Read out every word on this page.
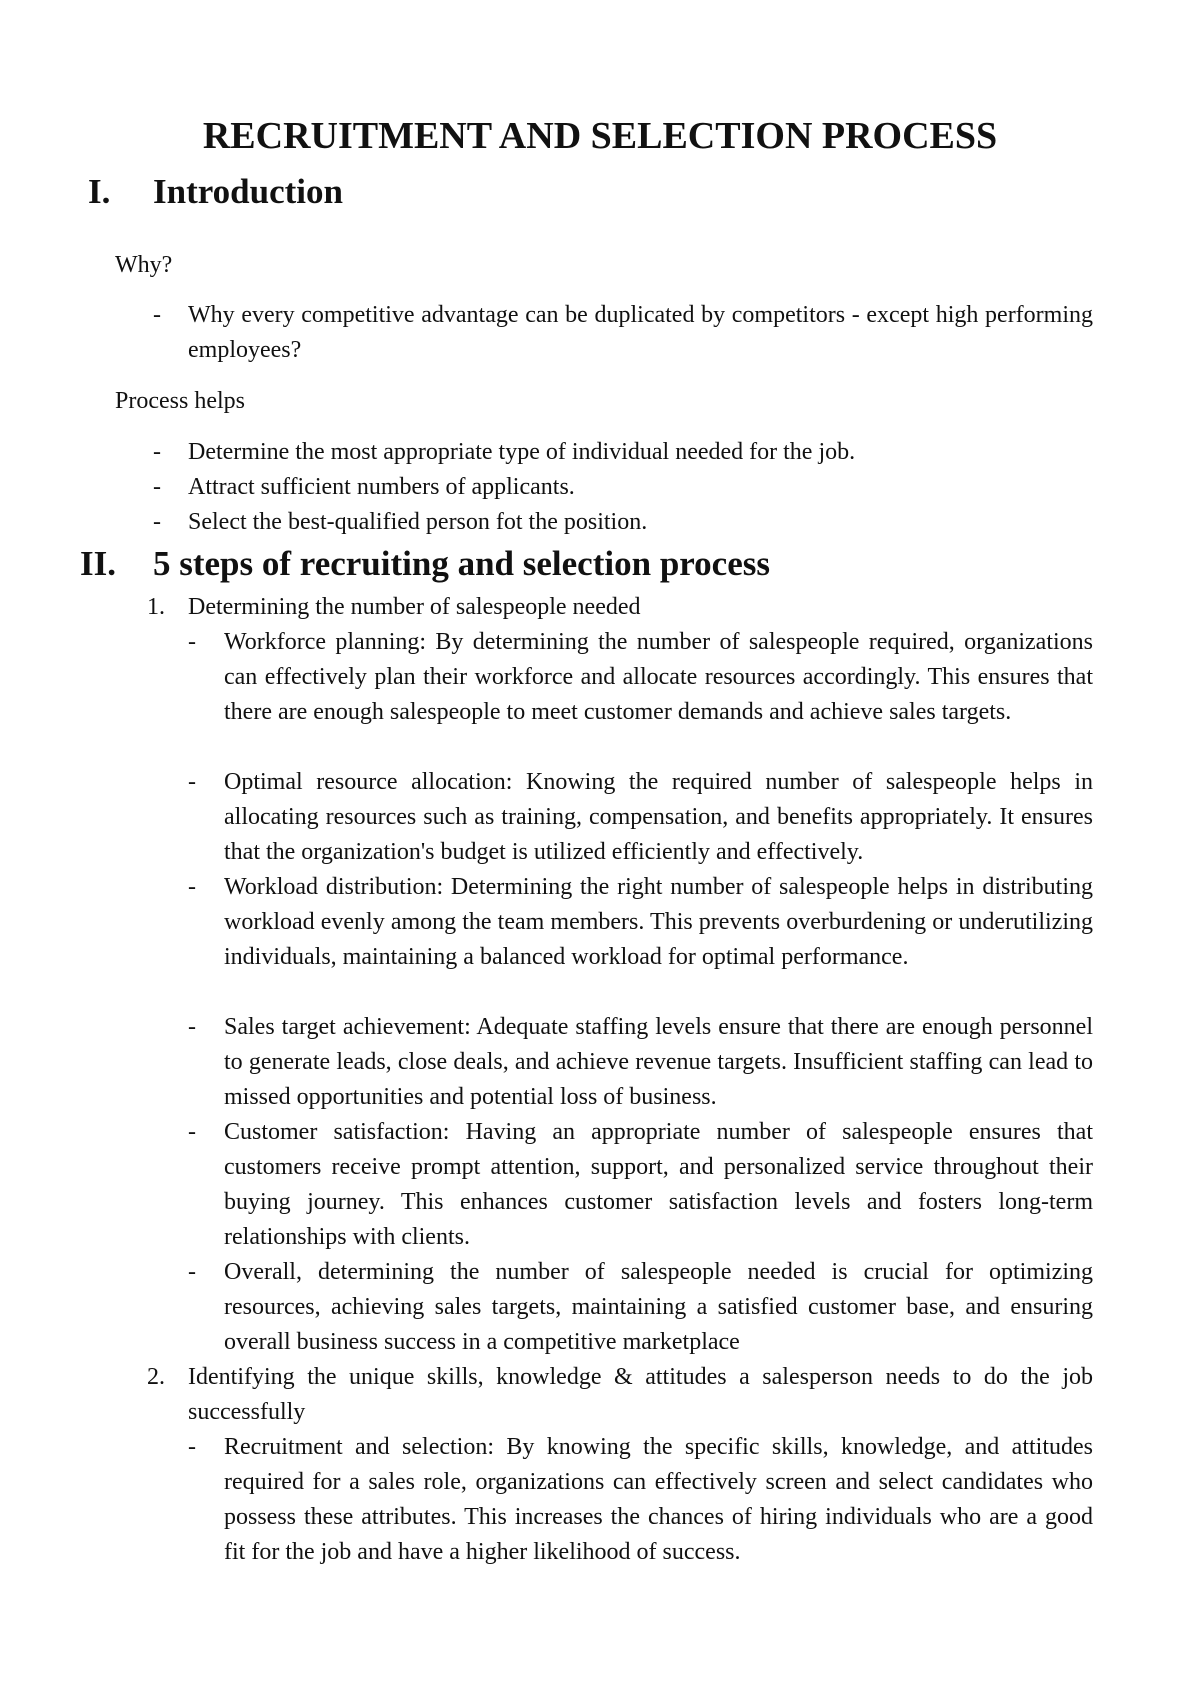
RECRUITMENT AND SELECTION PROCESS
I. Introduction
Why?
- Why every competitive advantage can be duplicated by competitors - except high performing employees?
Process helps
- Determine the most appropriate type of individual needed for the job.
- Attract sufficient numbers of applicants.
- Select the best-qualified person fot the position.
II. 5 steps of recruiting and selection process
1. Determining the number of salespeople needed
- Workforce planning: By determining the number of salespeople required, organizations can effectively plan their workforce and allocate resources accordingly. This ensures that there are enough salespeople to meet customer demands and achieve sales targets.
- Optimal resource allocation: Knowing the required number of salespeople helps in allocating resources such as training, compensation, and benefits appropriately. It ensures that the organization's budget is utilized efficiently and effectively.
- Workload distribution: Determining the right number of salespeople helps in distributing workload evenly among the team members. This prevents overburdening or underutilizing individuals, maintaining a balanced workload for optimal performance.
- Sales target achievement: Adequate staffing levels ensure that there are enough personnel to generate leads, close deals, and achieve revenue targets. Insufficient staffing can lead to missed opportunities and potential loss of business.
- Customer satisfaction: Having an appropriate number of salespeople ensures that customers receive prompt attention, support, and personalized service throughout their buying journey. This enhances customer satisfaction levels and fosters long-term relationships with clients.
- Overall, determining the number of salespeople needed is crucial for optimizing resources, achieving sales targets, maintaining a satisfied customer base, and ensuring overall business success in a competitive marketplace
2. Identifying the unique skills, knowledge & attitudes a salesperson needs to do the job successfully
- Recruitment and selection: By knowing the specific skills, knowledge, and attitudes required for a sales role, organizations can effectively screen and select candidates who possess these attributes. This increases the chances of hiring individuals who are a good fit for the job and have a higher likelihood of success.
